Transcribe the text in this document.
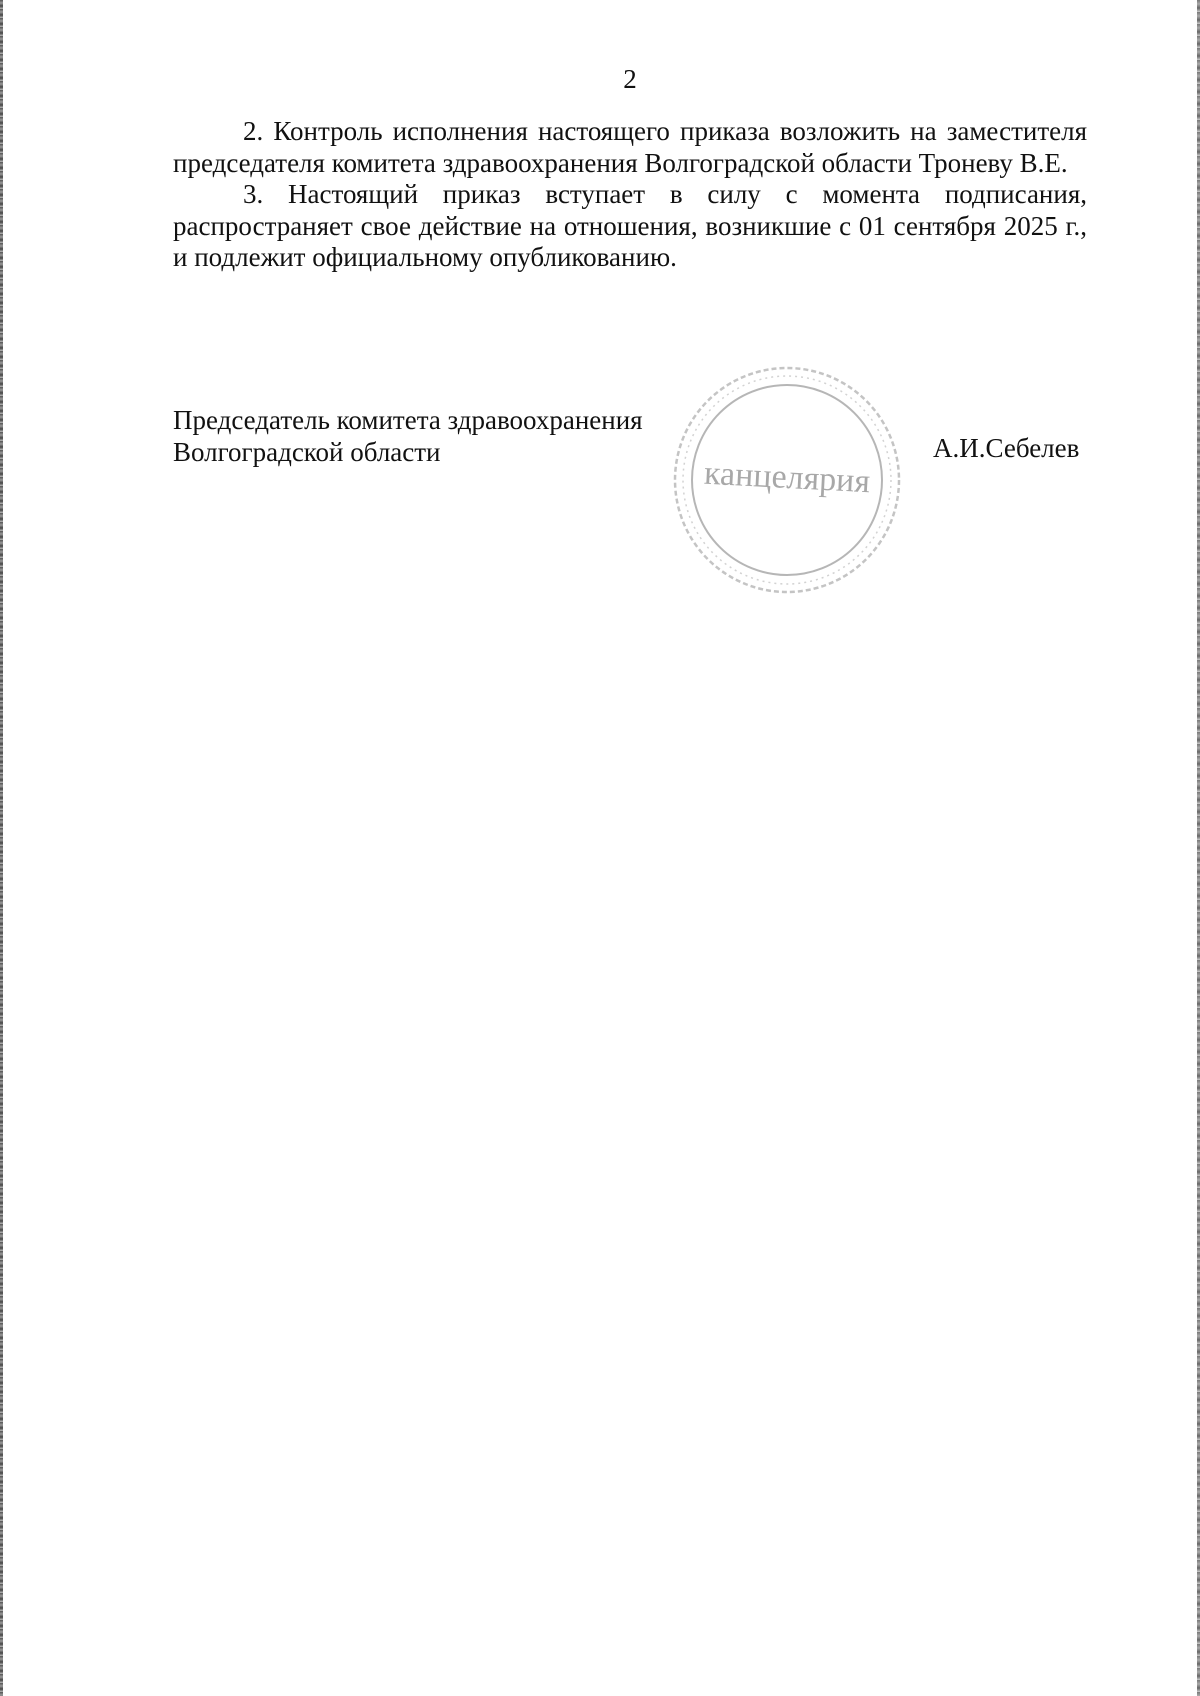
2

2. Контроль исполнения настоящего приказа возложить на заместителя председателя комитета здравоохранения Волгоградской области Троневу В.Е.

3. Настоящий приказ вступает в силу с момента подписания, распространяет свое действие на отношения, возникшие с 01 сентября 2025 г., и подлежит официальному опубликованию.

Председатель комитета здравоохранения
Волгоградской области
канцелярия
А.И.Себелев
